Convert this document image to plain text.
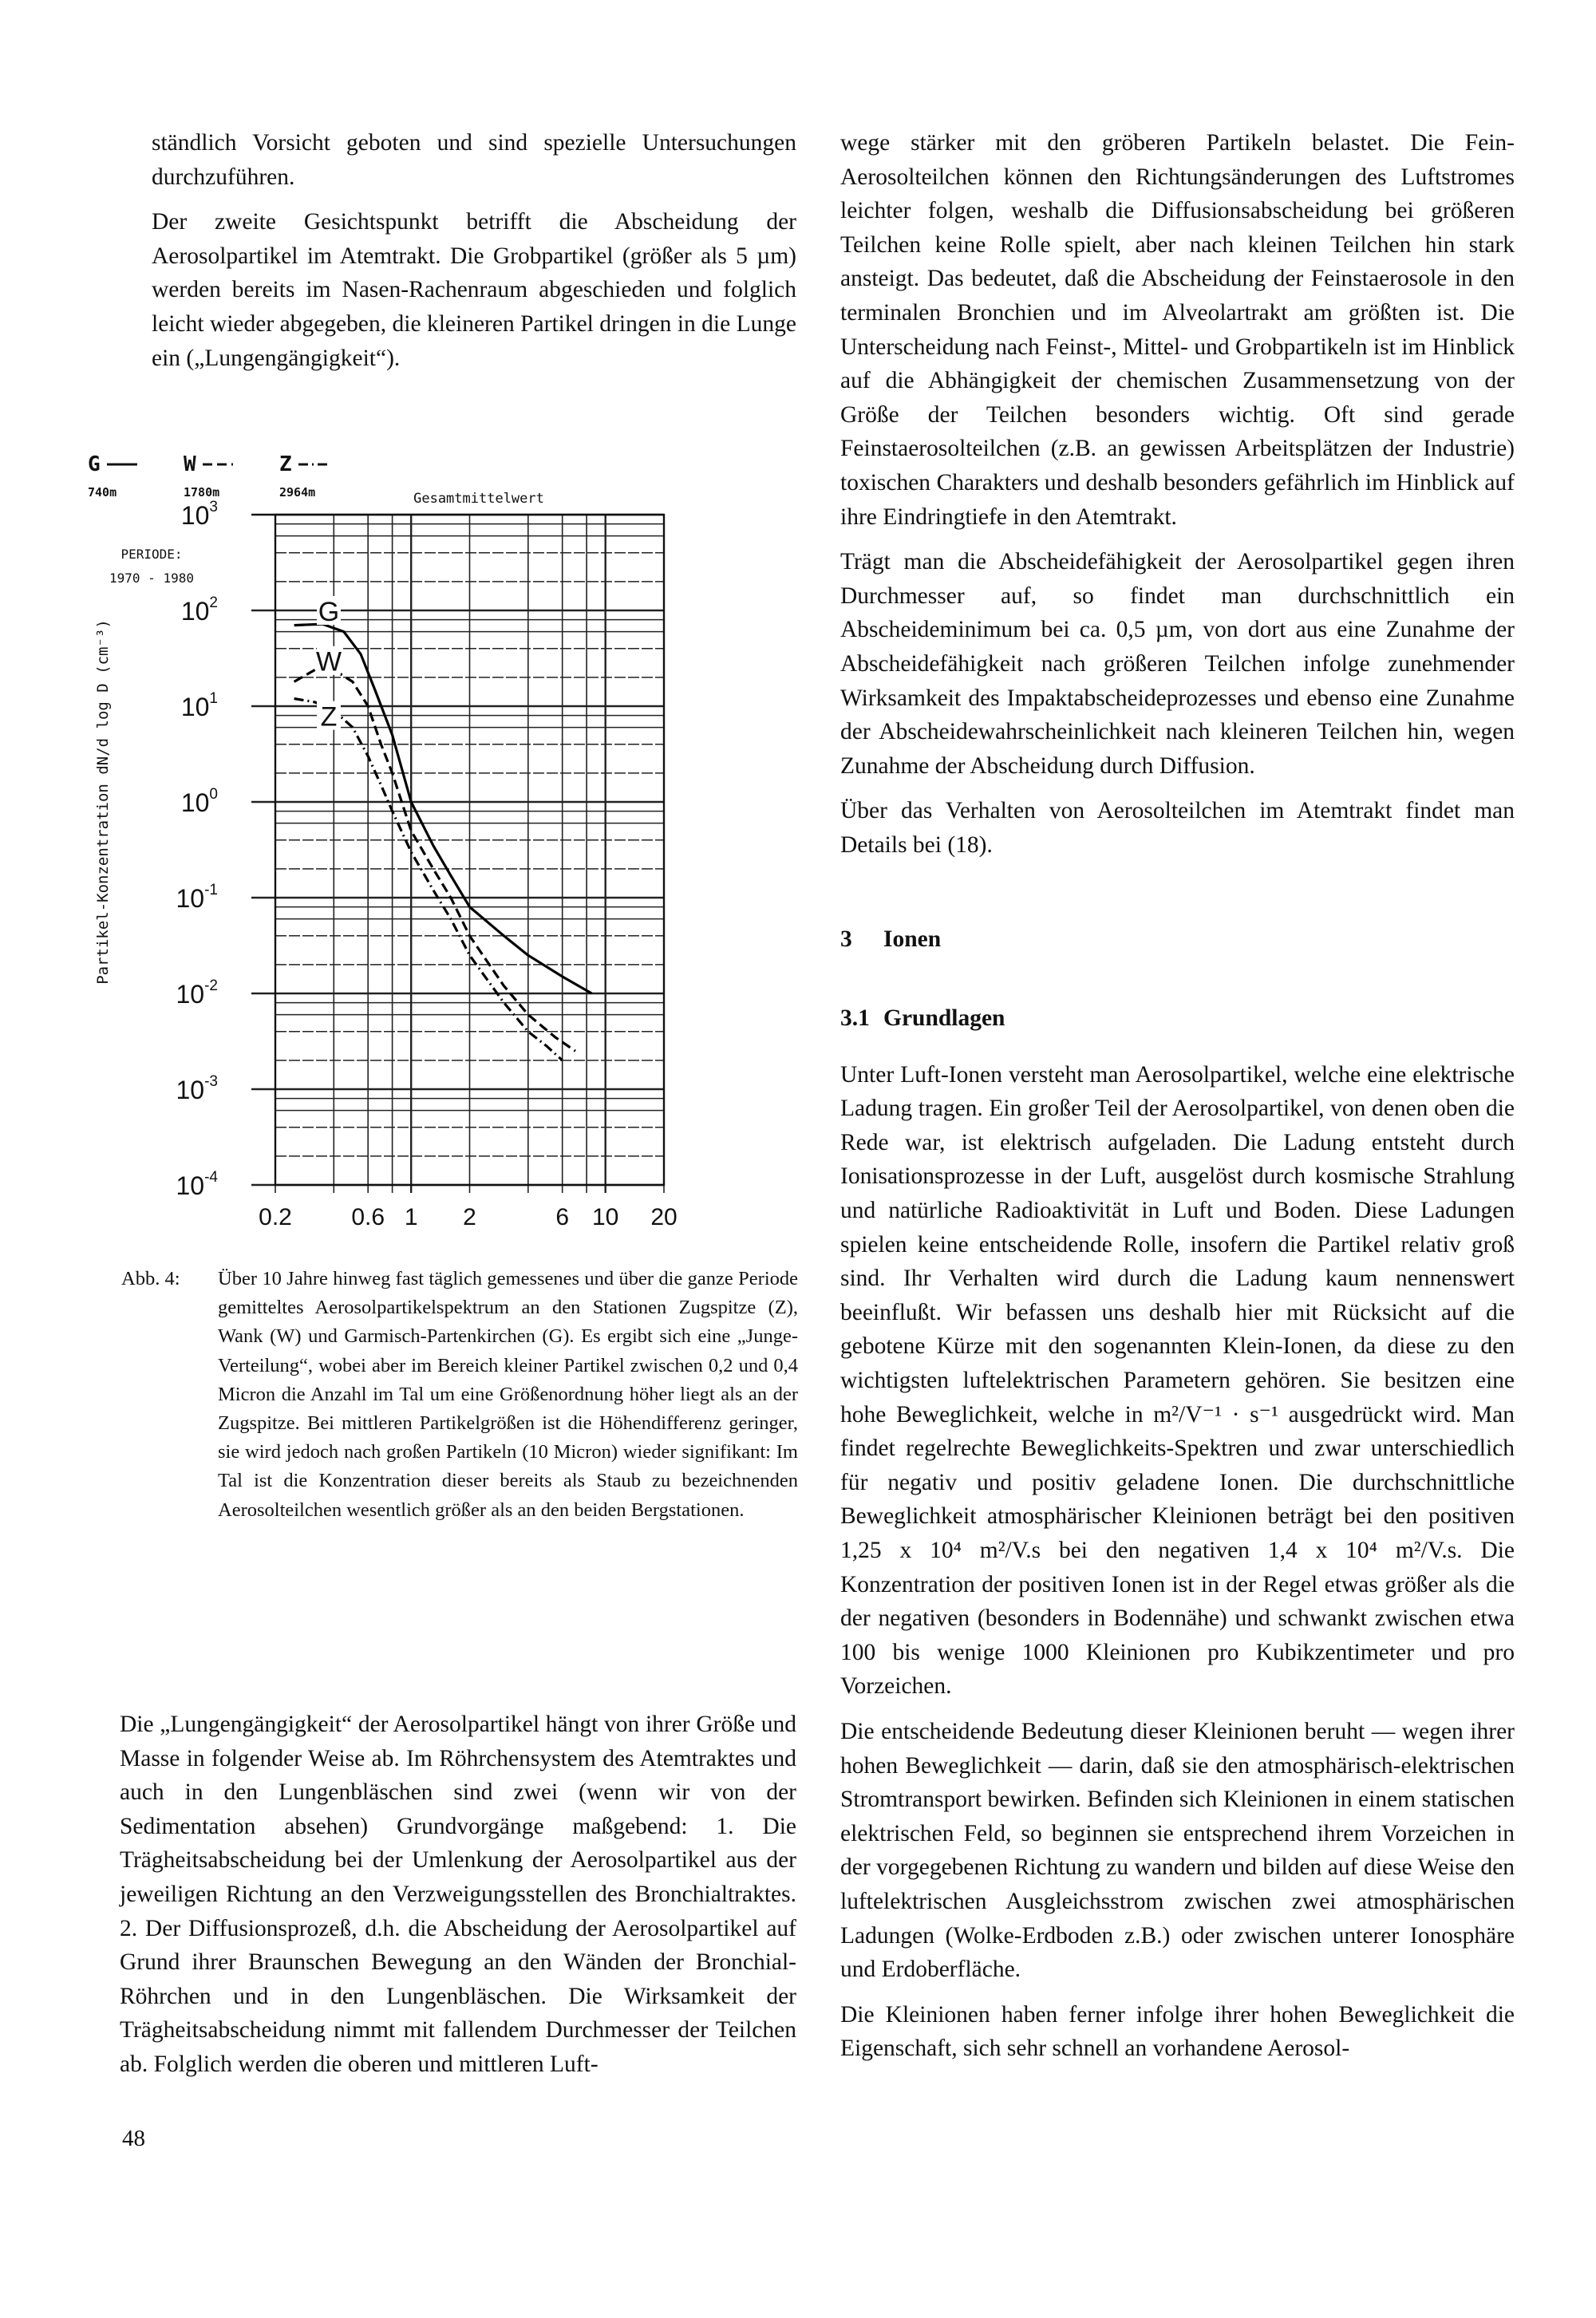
ständlich Vorsicht geboten und sind spezielle Untersuchungen durchzuführen.

Der zweite Gesichtspunkt betrifft die Abscheidung der Aerosolpartikel im Atemtrakt. Die Grobpartikel (größer als 5 µm) werden bereits im Nasen-Rachenraum abgeschieden und folglich leicht wieder abgegeben, die kleineren Partikel dringen in die Lunge ein („Lungengängigkeit“).

G
740m
W
1780m
Z
2964m
$10^3$
$10^2$
$10^1$
$10^0$
$10^{-1}$
$10^{-2}$
$10^{-3}$
$10^{-4}$
0.2 0.6 1 2	6 10 20
Partikel-Konzentration dN/d log D (cm⁻³)
Gesamtmittelwert
PERIODE:
1970 - 1980
G
W
Z
Abb. 4: Über 10 Jahre hinweg fast täglich gemessenes und über die ganze Periode gemitteltes Aerosolpartikelspektrum an den Stationen Zugspitze (Z), Wank (W) und Garmisch-Partenkirchen (G). Es ergibt sich eine „Junge-Verteilung“, wobei aber im Bereich kleiner Partikel zwischen 0,2 und 0,4 Micron die Anzahl im Tal um eine Größenordnung höher liegt als an der Zugspitze. Bei mittleren Partikelgrößen ist die Höhendifferenz geringer, sie wird jedoch nach großen Partikeln (10 Micron) wieder signifikant: Im Tal ist die Konzentration dieser bereits als Staub zu bezeichnenden Aerosolteilchen wesentlich größer als an den beiden Bergstationen.

Die „Lungengängigkeit“ der Aerosolpartikel hängt von ihrer Größe und Masse in folgender Weise ab. Im Röhrchensystem des Atemtraktes und auch in den Lungenbläschen sind zwei (wenn wir von der Sedimentation absehen) Grundvorgänge maßgebend: 1. Die Trägheitsabscheidung bei der Umlenkung der Aerosolpartikel aus der jeweiligen Richtung an den Verzweigungsstellen des Bronchialtraktes. 2. Der Diffusionsprozeß, d.h. die Abscheidung der Aerosolpartikel auf Grund ihrer Braunschen Bewegung an den Wänden der Bronchial-Röhrchen und in den Lungenbläschen. Die Wirksamkeit der Trägheitsabscheidung nimmt mit fallendem Durchmesser der Teilchen ab. Folglich werden die oberen und mittleren Luft-

48

wege stärker mit den gröberen Partikeln belastet. Die Fein-Aerosolteilchen können den Richtungsänderungen des Luftstromes leichter folgen, weshalb die Diffusionsabscheidung bei größeren Teilchen keine Rolle spielt, aber nach kleinen Teilchen hin stark ansteigt. Das bedeutet, daß die Abscheidung der Feinstaerosole in den terminalen Bronchien und im Alveolartrakt am größten ist. Die Unterscheidung nach Feinst-, Mittel- und Grobpartikeln ist im Hinblick auf die Abhängigkeit der chemischen Zusammensetzung von der Größe der Teilchen besonders wichtig. Oft sind gerade Feinstaerosolteilchen (z.B. an gewissen Arbeitsplätzen der Industrie) toxischen Charakters und deshalb besonders gefährlich im Hinblick auf ihre Eindringtiefe in den Atemtrakt.

Trägt man die Abscheidefähigkeit der Aerosolpartikel gegen ihren Durchmesser auf, so findet man durchschnittlich ein Abscheideminimum bei ca. 0,5 µm, von dort aus eine Zunahme der Abscheidefähigkeit nach größeren Teilchen infolge zunehmender Wirksamkeit des Impaktabscheideprozesses und ebenso eine Zunahme der Abscheidewahrscheinlichkeit nach kleineren Teilchen hin, wegen Zunahme der Abscheidung durch Diffusion.

Über das Verhalten von Aerosolteilchen im Atemtrakt findet man Details bei (18).

3 Ionen

3.1 Grundlagen

Unter Luft-Ionen versteht man Aerosolpartikel, welche eine elektrische Ladung tragen. Ein großer Teil der Aerosolpartikel, von denen oben die Rede war, ist elektrisch aufgeladen. Die Ladung entsteht durch Ionisationsprozesse in der Luft, ausgelöst durch kosmische Strahlung und natürliche Radioaktivität in Luft und Boden. Diese Ladungen spielen keine entscheidende Rolle, insofern die Partikel relativ groß sind. Ihr Verhalten wird durch die Ladung kaum nennenswert beeinflußt. Wir befassen uns deshalb hier mit Rücksicht auf die gebotene Kürze mit den sogenannten Klein-Ionen, da diese zu den wichtigsten luftelektrischen Parametern gehören. Sie besitzen eine hohe Beweglichkeit, welche in m²/V⁻¹ · s⁻¹ ausgedrückt wird. Man findet regelrechte Beweglichkeits-Spektren und zwar unterschiedlich für negativ und positiv geladene Ionen. Die durchschnittliche Beweglichkeit atmosphärischer Kleinionen beträgt bei den positiven 1,25 x 10⁴ m²/V.s bei den negativen 1,4 x 10⁴ m²/V.s. Die Konzentration der positiven Ionen ist in der Regel etwas größer als die der negativen (besonders in Bodennähe) und schwankt zwischen etwa 100 bis wenige 1000 Kleinionen pro Kubikzentimeter und pro Vorzeichen.

Die entscheidende Bedeutung dieser Kleinionen beruht — wegen ihrer hohen Beweglichkeit — darin, daß sie den atmosphärisch-elektrischen Stromtransport bewirken. Befinden sich Kleinionen in einem statischen elektrischen Feld, so beginnen sie entsprechend ihrem Vorzeichen in der vorgegebenen Richtung zu wandern und bilden auf diese Weise den luftelektrischen Ausgleichsstrom zwischen zwei atmosphärischen Ladungen (Wolke-Erdboden z.B.) oder zwischen unterer Ionosphäre und Erdoberfläche.

Die Kleinionen haben ferner infolge ihrer hohen Beweglichkeit die Eigenschaft, sich sehr schnell an vorhandene Aerosol-
